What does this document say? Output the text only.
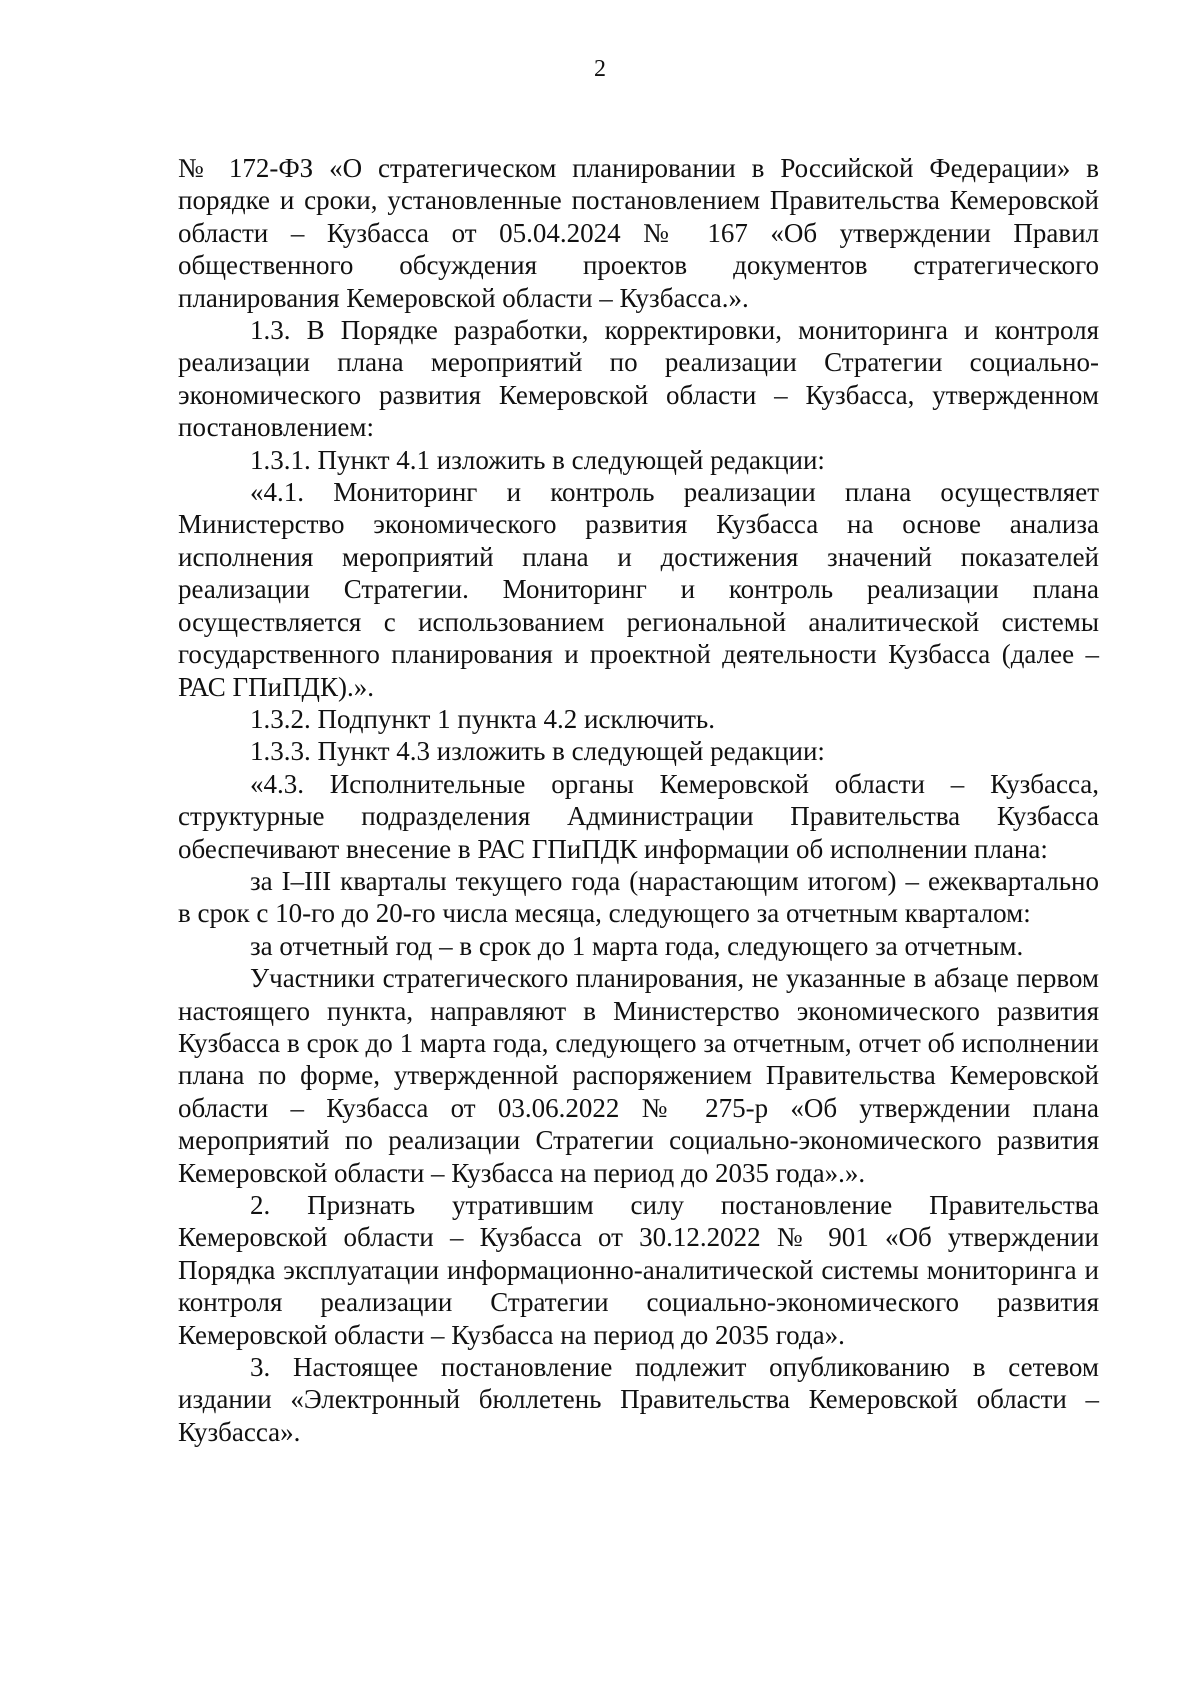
2

№ 172-ФЗ «О стратегическом планировании в Российской Федерации» в порядке и сроки, установленные постановлением Правительства Кемеровской области – Кузбасса от 05.04.2024 № 167 «Об утверждении Правил общественного обсуждения проектов документов стратегического планирования Кемеровской области – Кузбасса.».

1.3. В Порядке разработки, корректировки, мониторинга и контроля реализации плана мероприятий по реализации Стратегии социально-экономического развития Кемеровской области – Кузбасса, утвержденном постановлением:

1.3.1. Пункт 4.1 изложить в следующей редакции:

«4.1. Мониторинг и контроль реализации плана осуществляет Министерство экономического развития Кузбасса на основе анализа исполнения мероприятий плана и достижения значений показателей реализации Стратегии. Мониторинг и контроль реализации плана осуществляется с использованием региональной аналитической системы государственного планирования и проектной деятельности Кузбасса (далее – РАС ГПиПДК).».

1.3.2. Подпункт 1 пункта 4.2 исключить.

1.3.3. Пункт 4.3 изложить в следующей редакции:

«4.3. Исполнительные органы Кемеровской области – Кузбасса, структурные подразделения Администрации Правительства Кузбасса обеспечивают внесение в РАС ГПиПДК информации об исполнении плана:

за I–III кварталы текущего года (нарастающим итогом) – ежеквартально в срок с 10-го до 20-го числа месяца, следующего за отчетным кварталом:

за отчетный год – в срок до 1 марта года, следующего за отчетным.

Участники стратегического планирования, не указанные в абзаце первом настоящего пункта, направляют в Министерство экономического развития Кузбасса в срок до 1 марта года, следующего за отчетным, отчет об исполнении плана по форме, утвержденной распоряжением Правительства Кемеровской области – Кузбасса от 03.06.2022 № 275-р «Об утверждении плана мероприятий по реализации Стратегии социально-экономического развития Кемеровской области – Кузбасса на период до 2035 года».».

2. Признать утратившим силу постановление Правительства Кемеровской области – Кузбасса от 30.12.2022 № 901 «Об утверждении Порядка эксплуатации информационно-аналитической системы мониторинга и контроля реализации Стратегии социально-экономического развития Кемеровской области – Кузбасса на период до 2035 года».

3. Настоящее постановление подлежит опубликованию в сетевом издании «Электронный бюллетень Правительства Кемеровской области – Кузбасса».
